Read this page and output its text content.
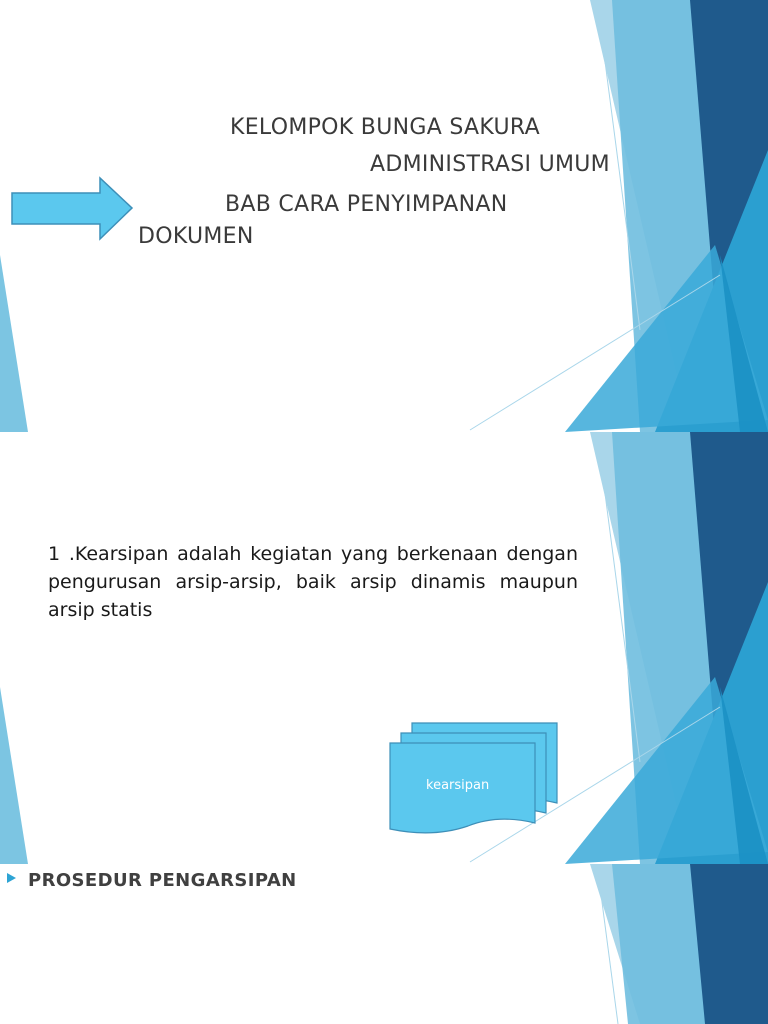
KELOMPOK BUNGA SAKURA
ADMINISTRASI UMUM
BAB CARA PENYIMPANAN
DOKUMEN
1 .Kearsipan adalah kegiatan yang berkenaan dengan pengurusan arsip-arsip, baik arsip dinamis maupun arsip statis
kearsipan
PROSEDUR PENGARSIPAN
